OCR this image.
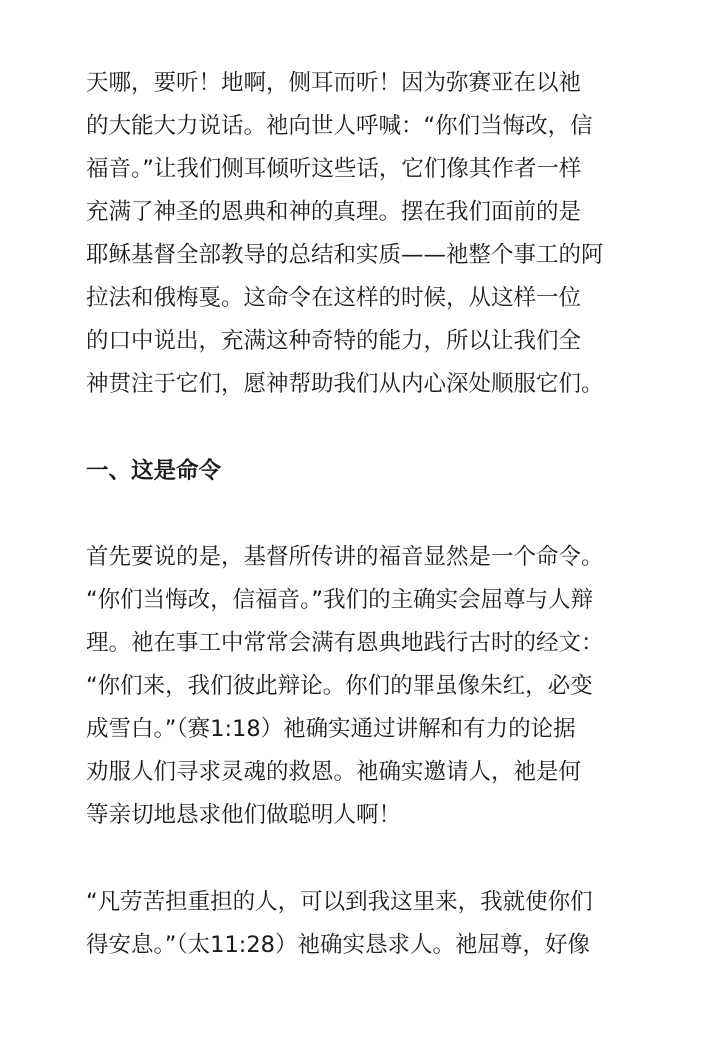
天哪，要听！地啊，侧耳而听！因为弥赛亚在以祂
的大能大力说话。祂向世人呼喊：“你们当悔改，信
福音。”让我们侧耳倾听这些话，它们像其作者一样
充满了神圣的恩典和神的真理。摆在我们面前的是
耶稣基督全部教导的总结和实质——祂整个事工的阿
拉法和俄梅戛。这命令在这样的时候，从这样一位
的口中说出，充满这种奇特的能力，所以让我们全
神贯注于它们，愿神帮助我们从内心深处顺服它们。
一、这是命令
首先要说的是，基督所传讲的福音显然是一个命令。
“你们当悔改，信福音。”我们的主确实会屈尊与人辩
理。祂在事工中常常会满有恩典地践行古时的经文：
“你们来，我们彼此辩论。你们的罪虽像朱红，必变
成雪白。”（赛1:18）祂确实通过讲解和有力的论据
劝服人们寻求灵魂的救恩。祂确实邀请人，祂是何
等亲切地恳求他们做聪明人啊！
“凡劳苦担重担的人，可以到我这里来，我就使你们
得安息。”（太11:28）祂确实恳求人。祂屈尊，好像
